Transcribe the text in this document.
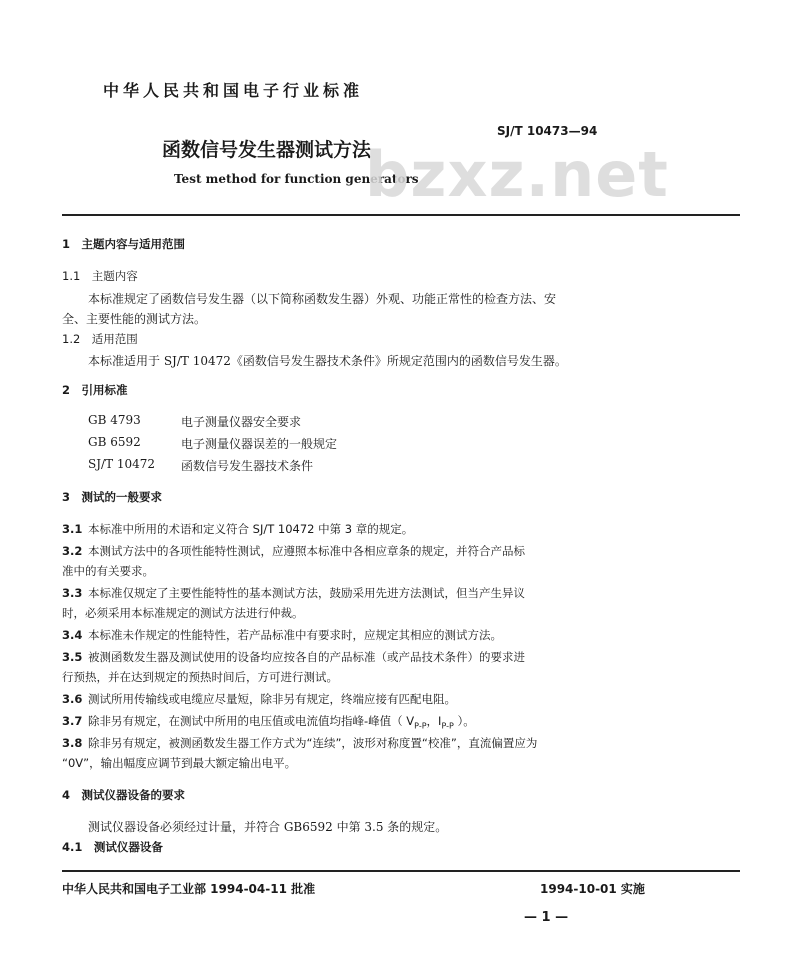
中华人民共和国电子行业标准
函数信号发生器测试方法
SJ/T 10473—94
Test method for function generators
bzxz.net
1　主题内容与适用范围
1.1　主题内容
本标准规定了函数信号发生器（以下简称函数发生器）外观、功能正常性的检查方法、安
全、主要性能的测试方法。
1.2　适用范围
本标准适用于 SJ/T 10472《函数信号发生器技术条件》所规定范围内的函数信号发生器。
2　引用标准
GB 4793	电子测量仪器安全要求
GB 6592	电子测量仪器误差的一般规定
SJ/T 10472 函数信号发生器技术条件
3　测试的一般要求
3.1 本标准中所用的术语和定义符合 SJ/T 10472 中第 3 章的规定。
3.2 本测试方法中的各项性能特性测试，应遵照本标准中各相应章条的规定，并符合产品标
准中的有关要求。
3.3 本标准仅规定了主要性能特性的基本测试方法，鼓励采用先进方法测试，但当产生异议
时，必须采用本标准规定的测试方法进行仲裁。
3.4 本标准未作规定的性能特性，若产品标准中有要求时，应规定其相应的测试方法。
3.5 被测函数发生器及测试使用的设备均应按各自的产品标准（或产品技术条件）的要求进
行预热，并在达到规定的预热时间后，方可进行测试。
3.6 测试所用传输线或电缆应尽量短，除非另有规定，终端应接有匹配电阻。
3.7 除非另有规定，在测试中所用的电压值或电流值均指峰-峰值（ $V_{P-P}$，$I_{P-P}$ ）。
3.8 除非另有规定，被测函数发生器工作方式为“连续”，波形对称度置“校准”，直流偏置应为
“0V”，输出幅度应调节到最大额定输出电平。
4　测试仪器设备的要求
测试仪器设备必须经过计量，并符合 GB6592 中第 3.5 条的规定。
4.1　测试仪器设备
中华人民共和国电子工业部 1994-04-11 批准	1994-10-01 实施
— 1 —
